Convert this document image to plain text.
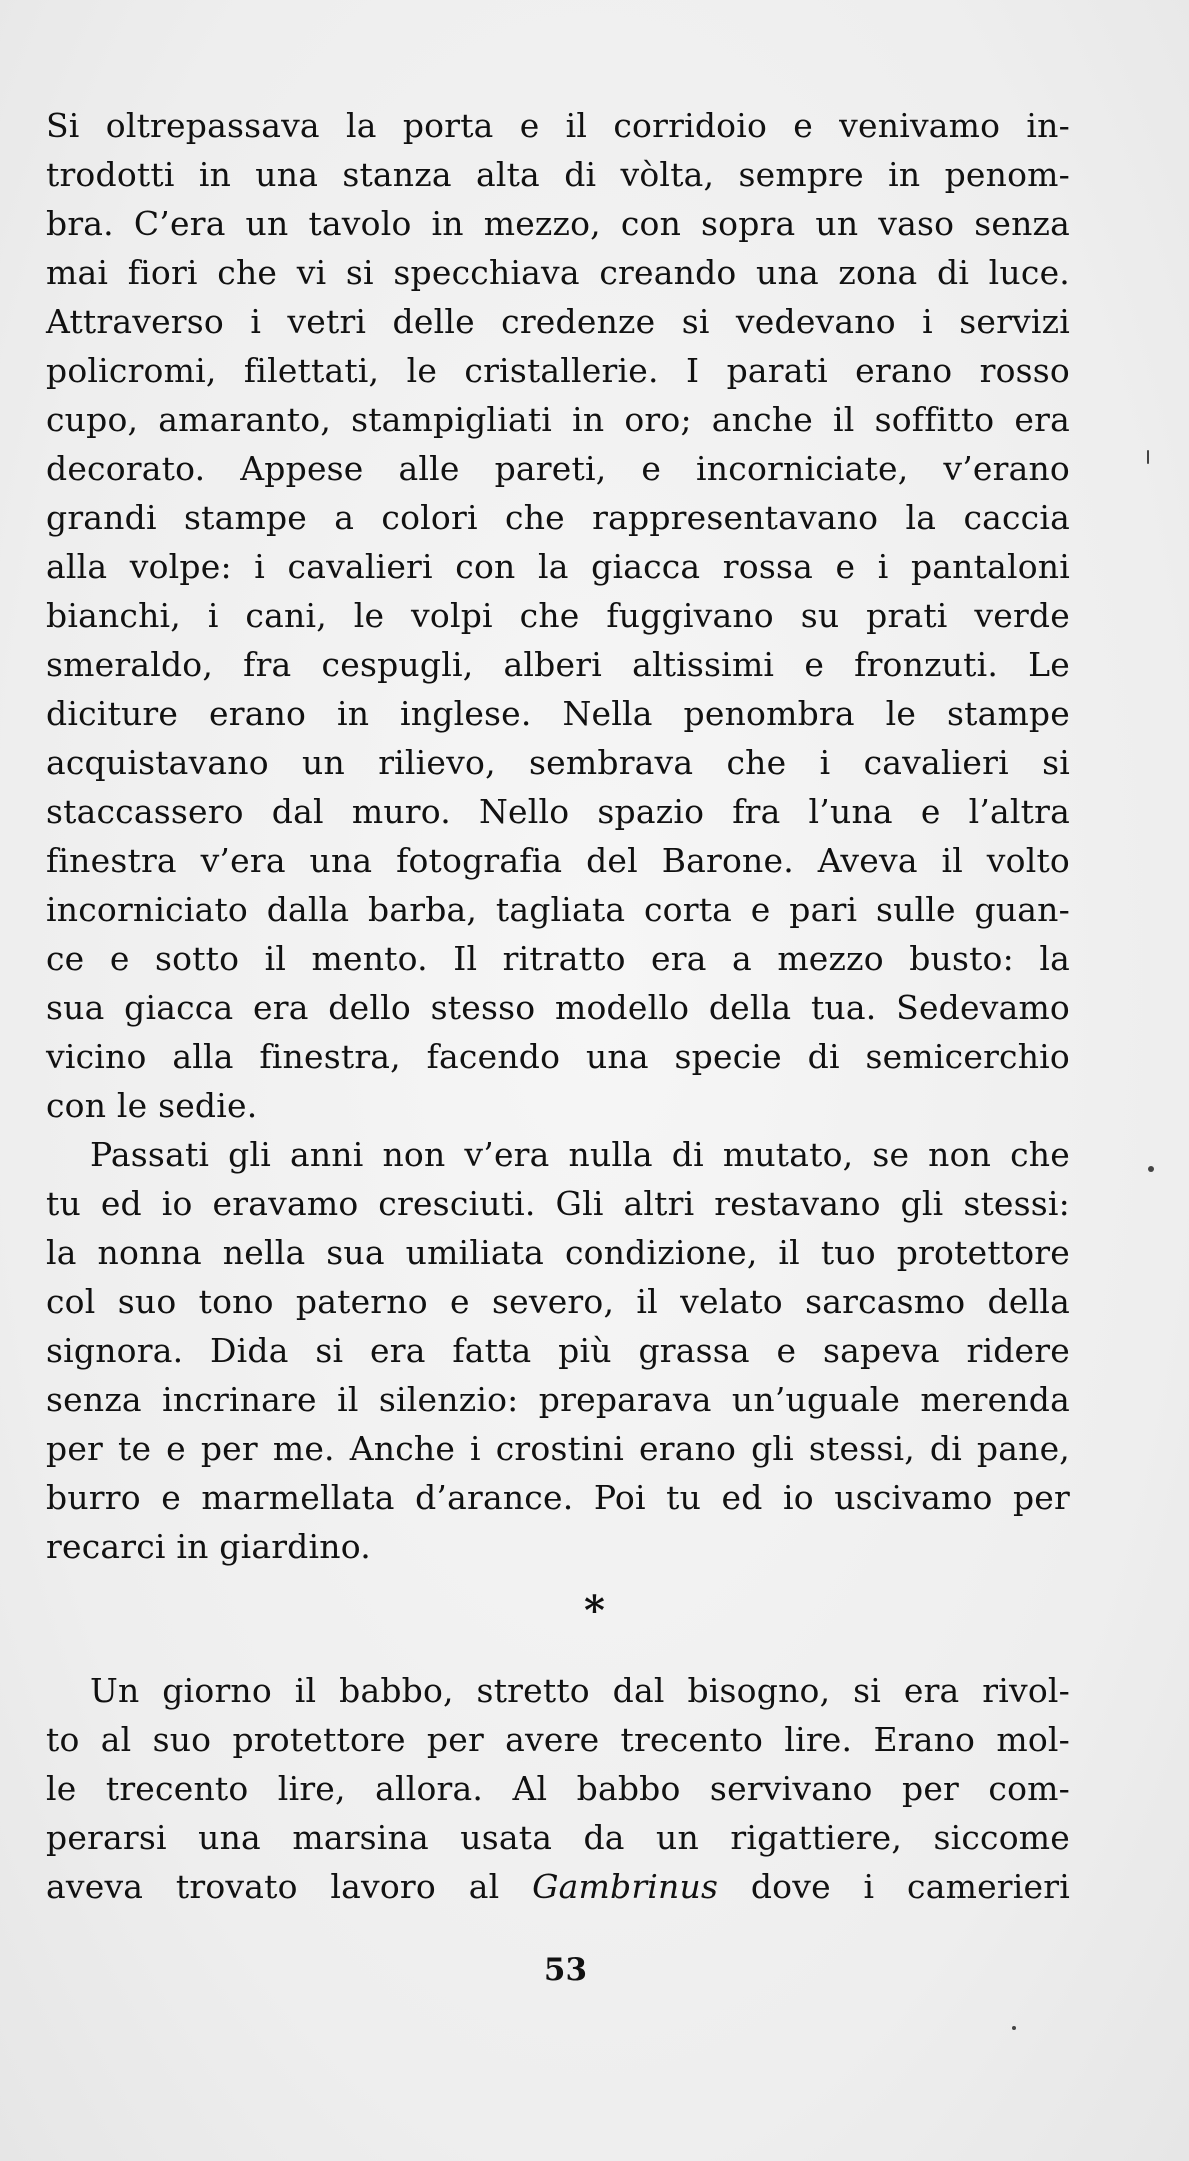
Si oltrepassava la porta e il corridoio e venivamo in-
trodotti in una stanza alta di vòlta, sempre in penom-
bra. C’era un tavolo in mezzo, con sopra un vaso senza
mai fiori che vi si specchiava creando una zona di luce.
Attraverso i vetri delle credenze si vedevano i servizi
policromi, filettati, le cristallerie. I parati erano rosso
cupo, amaranto, stampigliati in oro; anche il soffitto era
decorato. Appese alle pareti, e incorniciate, v’erano
grandi stampe a colori che rappresentavano la caccia
alla volpe: i cavalieri con la giacca rossa e i pantaloni
bianchi, i cani, le volpi che fuggivano su prati verde
smeraldo, fra cespugli, alberi altissimi e fronzuti. Le
diciture erano in inglese. Nella penombra le stampe
acquistavano un rilievo, sembrava che i cavalieri si
staccassero dal muro. Nello spazio fra l’una e l’altra
finestra v’era una fotografia del Barone. Aveva il volto
incorniciato dalla barba, tagliata corta e pari sulle guan-
ce e sotto il mento. Il ritratto era a mezzo busto: la
sua giacca era dello stesso modello della tua. Sedevamo
vicino alla finestra, facendo una specie di semicerchio
con le sedie.
Passati gli anni non v’era nulla di mutato, se non che
tu ed io eravamo cresciuti. Gli altri restavano gli stessi:
la nonna nella sua umiliata condizione, il tuo protettore
col suo tono paterno e severo, il velato sarcasmo della
signora. Dida si era fatta più grassa e sapeva ridere
senza incrinare il silenzio: preparava un’uguale merenda
per te e per me. Anche i crostini erano gli stessi, di pane,
burro e marmellata d’arance. Poi tu ed io uscivamo per
recarci in giardino.
*
Un giorno il babbo, stretto dal bisogno, si era rivol-
to al suo protettore per avere trecento lire. Erano mol-
le trecento lire, allora. Al babbo servivano per com-
perarsi una marsina usata da un rigattiere, siccome
aveva trovato lavoro al Gambrinus dove i camerieri
53
